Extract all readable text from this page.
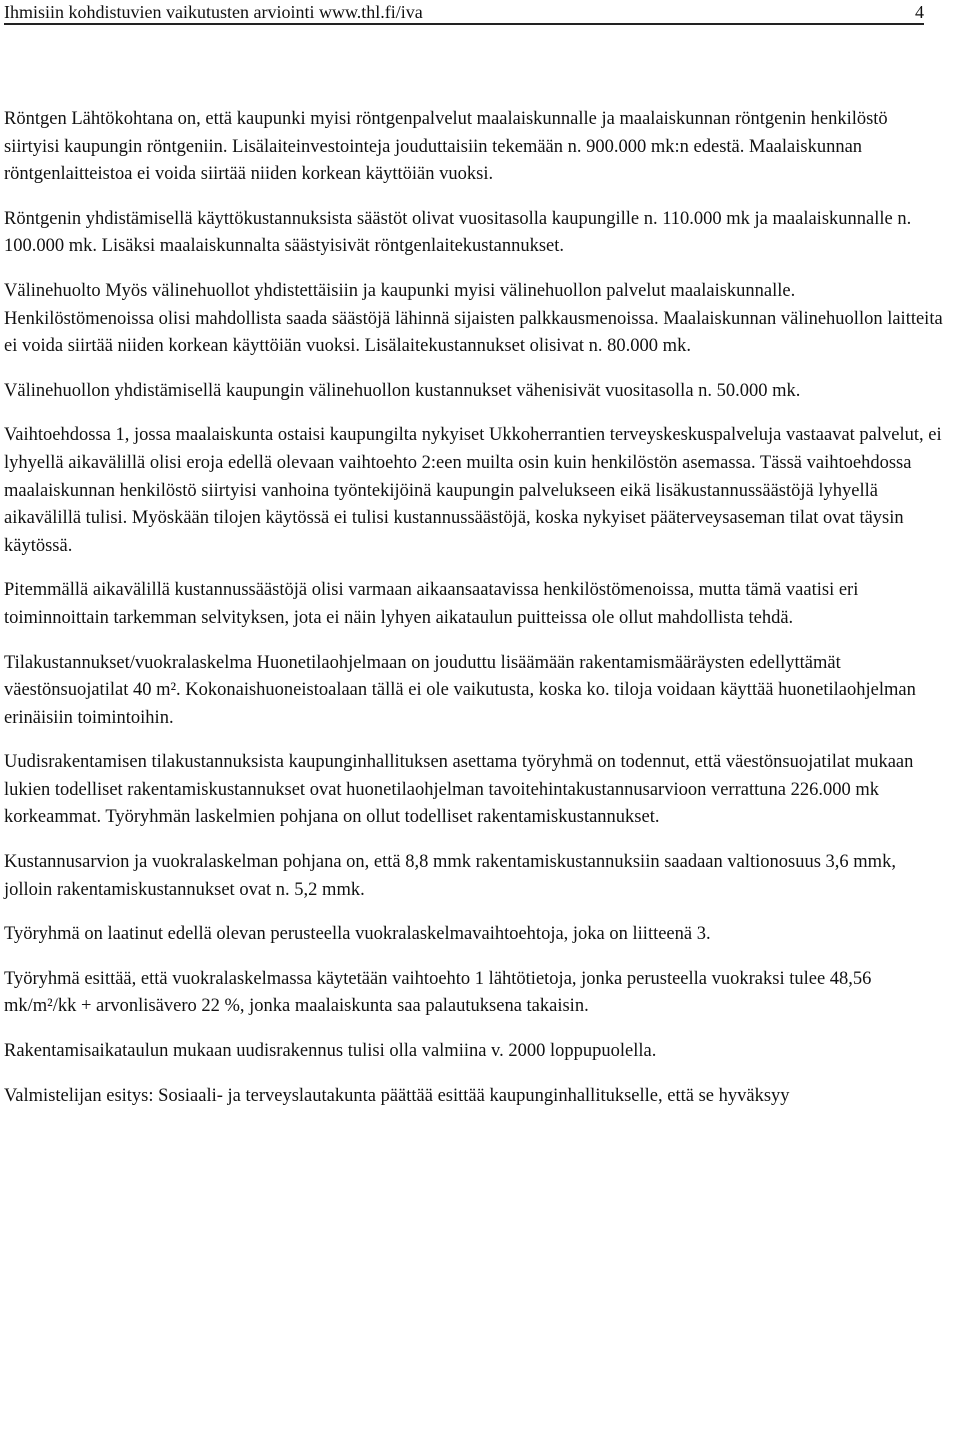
Ihmisiin kohdistuvien vaikutusten arviointi www.thl.fi/iva	4

Röntgen Lähtökohtana on, että kaupunki myisi röntgenpalvelut maalaiskunnalle ja maalaiskunnan röntgenin henkilöstö siirtyisi kaupungin röntgeniin. Lisälaiteinvestointeja jouduttaisiin tekemään n. 900.000 mk:n edestä. Maalaiskunnan röntgenlaitteistoa ei voida siirtää niiden korkean käyttöiän vuoksi.

Röntgenin yhdistämisellä käyttökustannuksista säästöt olivat vuositasolla kaupungille n. 110.000 mk ja maalaiskunnalle n. 100.000 mk. Lisäksi maalaiskunnalta säästyisivät röntgenlaitekustannukset.

Välinehuolto Myös välinehuollot yhdistettäisiin ja kaupunki myisi välinehuollon palvelut maalaiskunnalle. Henkilöstömenoissa olisi mahdollista saada säästöjä lähinnä sijaisten palkkausmenoissa. Maalaiskunnan välinehuollon laitteita ei voida siirtää niiden korkean käyttöiän vuoksi. Lisälaitekustannukset olisivat n. 80.000 mk.

Välinehuollon yhdistämisellä kaupungin välinehuollon kustannukset vähenisivät vuositasolla n. 50.000 mk.

Vaihtoehdossa 1, jossa maalaiskunta ostaisi kaupungilta nykyiset Ukkoherrantien terveyskeskuspalveluja vastaavat palvelut, ei lyhyellä aikavälillä olisi eroja edellä olevaan vaihtoehto 2:een muilta osin kuin henkilöstön asemassa. Tässä vaihtoehdossa maalaiskunnan henkilöstö siirtyisi vanhoina työntekijöinä kaupungin palvelukseen eikä lisäkustannussäästöjä lyhyellä aikavälillä tulisi. Myöskään tilojen käytössä ei tulisi kustannussäästöjä, koska nykyiset pääterveysaseman tilat ovat täysin käytössä.

Pitemmällä aikavälillä kustannussäästöjä olisi varmaan aikaansaatavissa henkilöstömenoissa, mutta tämä vaatisi eri toiminnoittain tarkemman selvityksen, jota ei näin lyhyen aikataulun puitteissa ole ollut mahdollista tehdä.

Tilakustannukset/vuokralaskelma Huonetilaohjelmaan on jouduttu lisäämään rakentamismääräysten edellyttämät väestönsuojatilat 40 m². Kokonaishuoneistoalaan tällä ei ole vaikutusta, koska ko. tiloja voidaan käyttää huonetilaohjelman erinäisiin toimintoihin.

Uudisrakentamisen tilakustannuksista kaupunginhallituksen asettama työryhmä on todennut, että väestönsuojatilat mukaan lukien todelliset rakentamiskustannukset ovat huonetilaohjelman tavoitehintakustannusarvioon verrattuna 226.000 mk korkeammat. Työryhmän laskelmien pohjana on ollut todelliset rakentamiskustannukset.

Kustannusarvion ja vuokralaskelman pohjana on, että 8,8 mmk rakentamiskustannuksiin saadaan valtionosuus 3,6 mmk, jolloin rakentamiskustannukset ovat n. 5,2 mmk.

Työryhmä on laatinut edellä olevan perusteella vuokralaskelmavaihtoehtoja, joka on liitteenä 3.

Työryhmä esittää, että vuokralaskelmassa käytetään vaihtoehto 1 lähtötietoja, jonka perusteella vuokraksi tulee 48,56 mk/m²/kk + arvonlisävero 22 %, jonka maalaiskunta saa palautuksena takaisin.

Rakentamisaikataulun mukaan uudisrakennus tulisi olla valmiina v. 2000 loppupuolella.

Valmistelijan esitys: Sosiaali- ja terveyslautakunta päättää esittää kaupunginhallitukselle, että se hyväksyy
